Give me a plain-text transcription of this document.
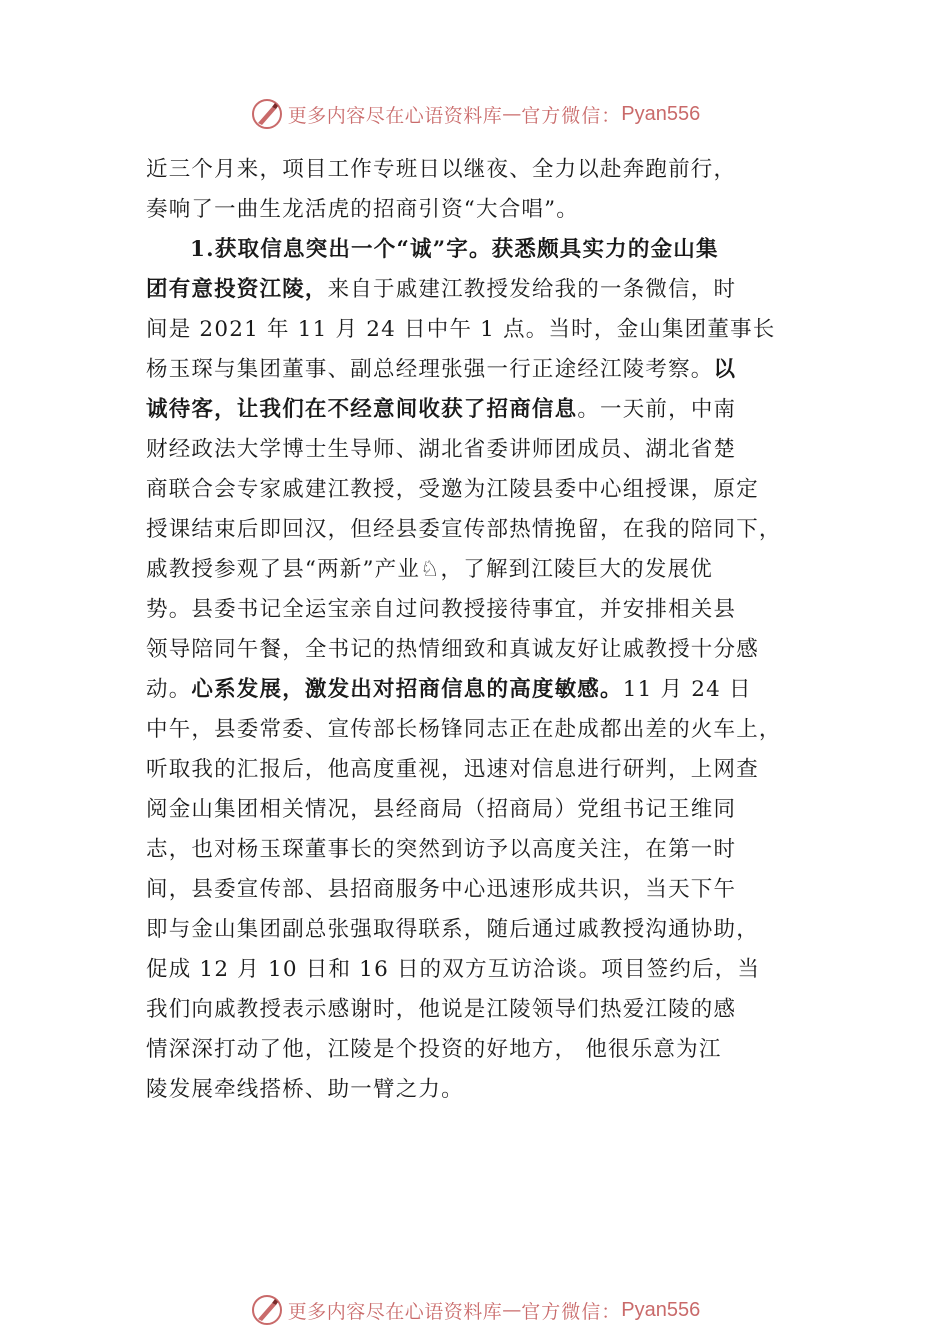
更多内容尽在心语资料库 — 官方微信： Pyan556
近三个月来，项目工作专班日以继夜、全力以赴奔跑前行，
奏响了一曲生龙活虎的招商引资“大合唱”。
1.获取信息突出一个“诚”字。获悉颇具实力的金山集
团有意投资江陵，来自于戚建江教授发给我的一条微信，时
间是 2021 年 11 月 24 日中午 1 点。当时，金山集团董事长
杨玉琛与集团董事、副总经理张强一行正途经江陵考察。以
诚待客，让我们在不经意间收获了招商信息。一天前，中南
财经政法大学博士生导师、湖北省委讲师团成员、湖北省楚
商联合会专家戚建江教授，受邀为江陵县委中心组授课，原定
授课结束后即回汉，但经县委宣传部热情挽留，在我的陪同下，
戚教授参观了县“两新”产业♘，了解到江陵巨大的发展优
势。县委书记全运宝亲自过问教授接待事宜，并安排相关县
领导陪同午餐，全书记的热情细致和真诚友好让戚教授十分感
动。心系发展，激发出对招商信息的高度敏感。11 月 24 日
中午，县委常委、宣传部长杨锋同志正在赴成都出差的火车上，
听取我的汇报后，他高度重视，迅速对信息进行研判，上网查
阅金山集团相关情况，县经商局（招商局）党组书记王维同
志，也对杨玉琛董事长的突然到访予以高度关注，在第一时
间，县委宣传部、县招商服务中心迅速形成共识，当天下午
即与金山集团副总张强取得联系，随后通过戚教授沟通协助，
促成 12 月 10 日和 16 日的双方互访洽谈。项目签约后，当
我们向戚教授表示感谢时，他说是江陵领导们热爱江陵的感
情深深打动了他，江陵是个投资的好地方， 他很乐意为江
陵发展牵线搭桥、助一臂之力。
更多内容尽在心语资料库 — 官方微信： Pyan556
